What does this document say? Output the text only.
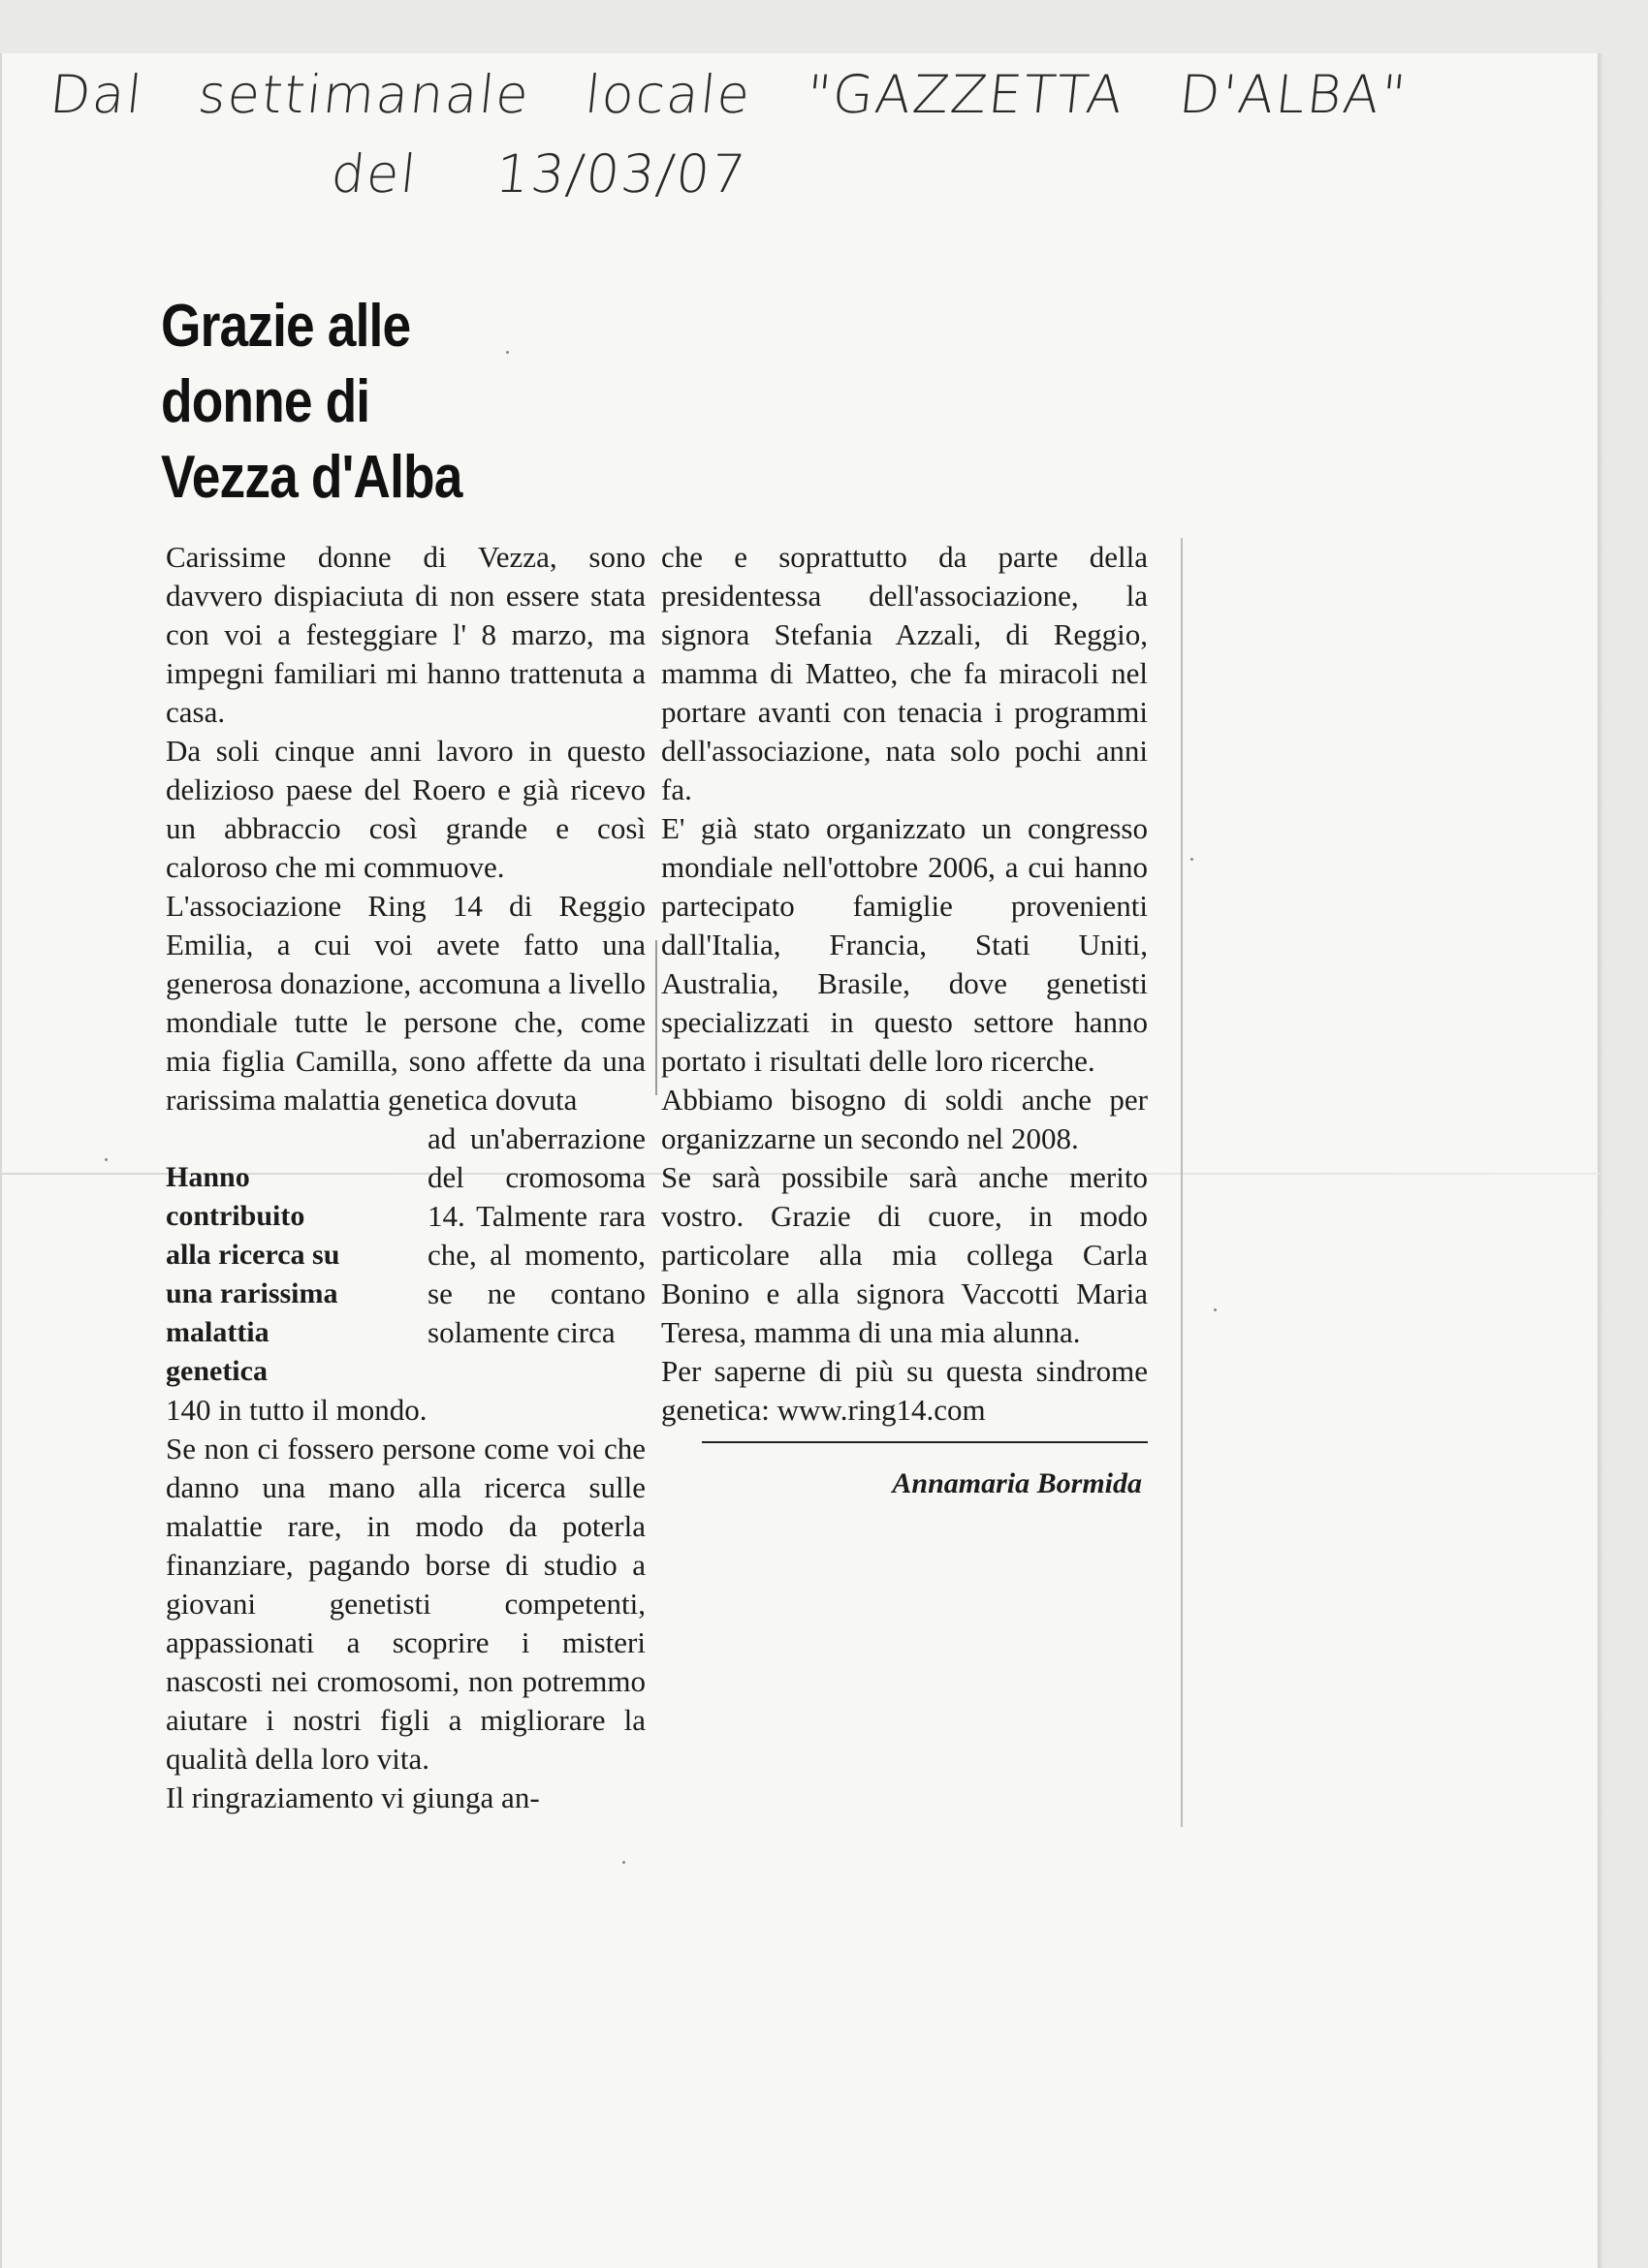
Dal settimanale locale "GAZZETTA D'ALBA"
del 13/03/07
Grazie alle
donne di
Vezza d'Alba

Carissime donne di Vezza, sono davvero dispiaciuta di non essere stata con voi a festeggiare l' 8 marzo, ma impegni familiari mi hanno trattenuta a casa.

Da soli cinque anni lavoro in questo delizioso paese del Roero e già ricevo un abbraccio così grande e così caloroso che mi commuove.

L'associazione Ring 14 di Reggio Emilia, a cui voi avete fatto una generosa donazione, accomuna a livello mondiale tutte le persone che, come mia figlia Camilla, sono affette da una rarissima malattia genetica dovuta

Hanno contribuito alla ricerca su una rarissima malattia genetica
ad un'aberrazione del cromosoma 14. Talmente rara che, al momento, se ne contano solamente circa

140 in tutto il mondo.

Se non ci fossero persone come voi che danno una mano alla ricerca sulle malattie rare, in modo da poterla finanziare, pagando borse di studio a giovani genetisti competenti, appassionati a scoprire i misteri nascosti nei cromosomi, non potremmo aiutare i nostri figli a migliorare la qualità della loro vita.

Il ringraziamento vi giunga an-

che e soprattutto da parte della presidentessa dell'associazione, la signora Stefania Azzali, di Reggio, mamma di Matteo, che fa miracoli nel portare avanti con tenacia i programmi dell'associazione, nata solo pochi anni fa.

E' già stato organizzato un congresso mondiale nell'ottobre 2006, a cui hanno partecipato famiglie provenienti dall'Italia, Francia, Stati Uniti, Australia, Brasile, dove genetisti specializzati in questo settore hanno portato i risultati delle loro ricerche.

Abbiamo bisogno di soldi anche per organizzarne un secondo nel 2008.

Se sarà possibile sarà anche merito vostro. Grazie di cuore, in modo particolare alla mia collega Carla Bonino e alla signora Vaccotti Maria Teresa, mamma di una mia alunna.

Per saperne di più su questa sindrome genetica: www.ring14.com

Annamaria Bormida
